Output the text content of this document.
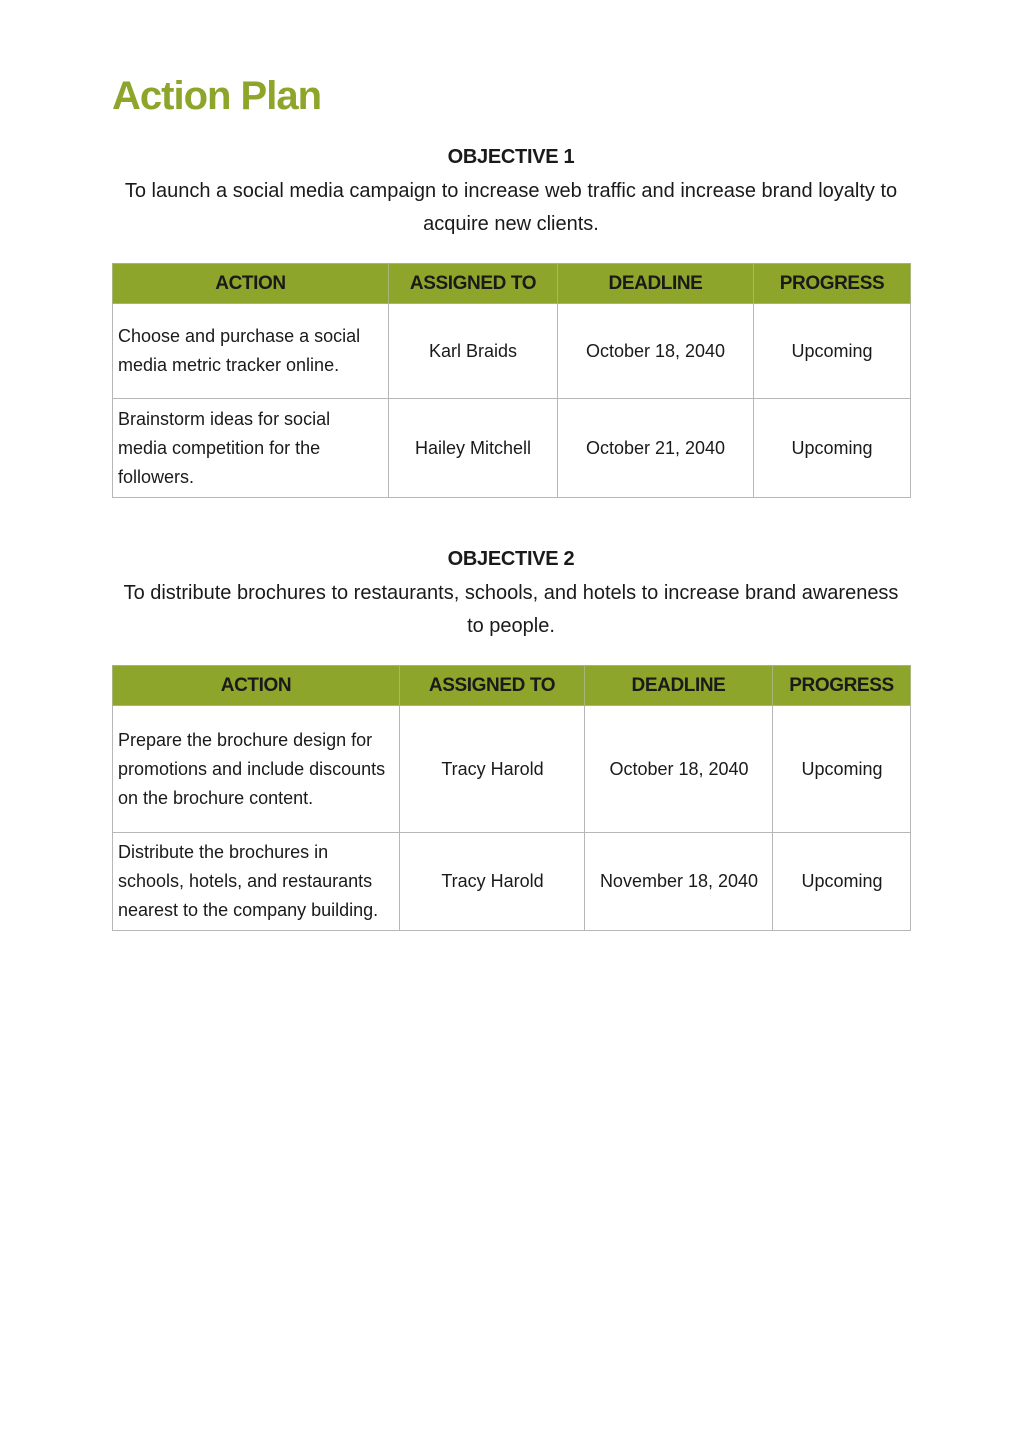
Action Plan
OBJECTIVE 1
To launch a social media campaign to increase web traffic and increase brand loyalty to acquire new clients.
ACTION	ASSIGNED TO	DEADLINE	PROGRESS
Choose and purchase a social media metric tracker online.	Karl Braids	October 18, 2040	Upcoming
Brainstorm ideas for social media competition for the followers.	Hailey Mitchell	October 21, 2040	Upcoming
OBJECTIVE 2
To distribute brochures to restaurants, schools, and hotels to increase brand awareness to people.
ACTION	ASSIGNED TO	DEADLINE	PROGRESS
Prepare the brochure design for promotions and include discounts on the brochure content.	Tracy Harold	October 18, 2040	Upcoming
Distribute the brochures in schools, hotels, and restaurants nearest to the company building.	Tracy Harold	November 18, 2040	Upcoming
